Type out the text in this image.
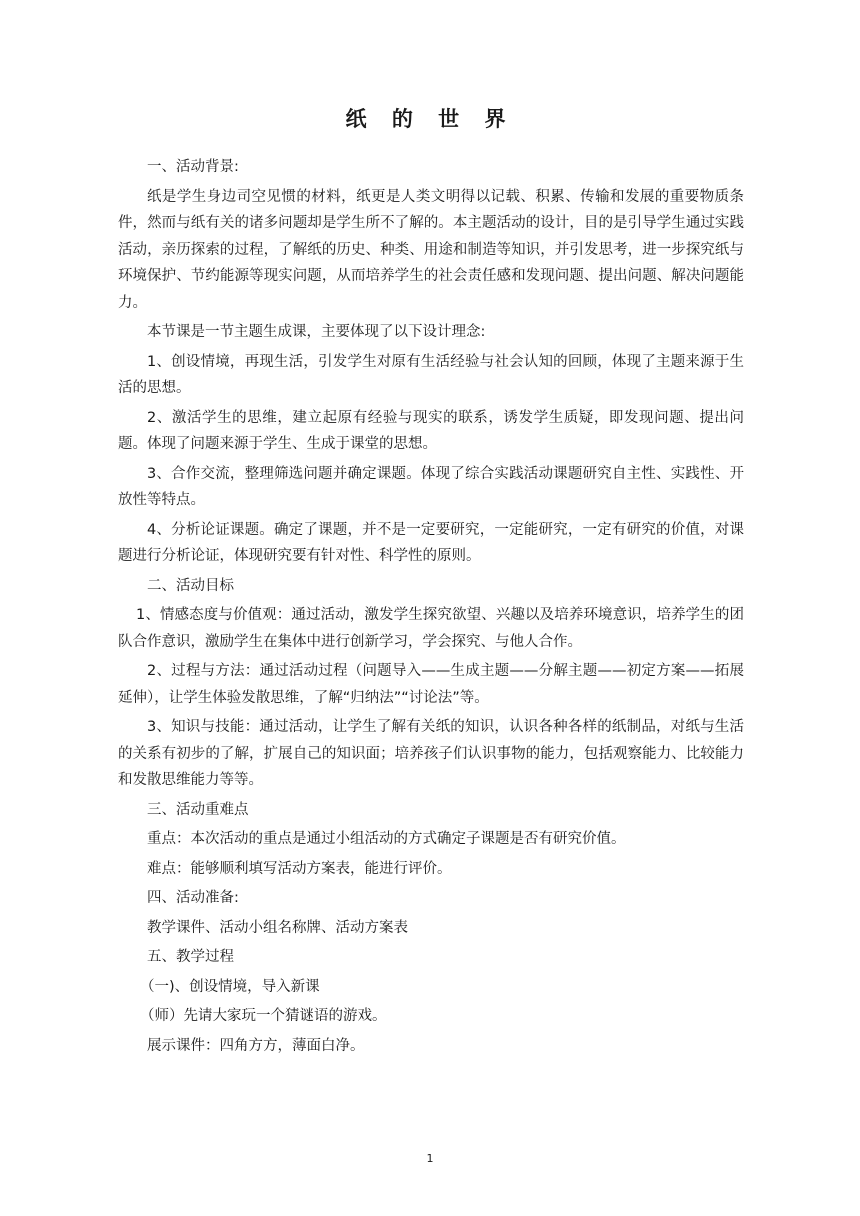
纸 的 世 界

一、活动背景:

纸是学生身边司空见惯的材料，纸更是人类文明得以记载、积累、传输和发展的重要物质条件，然而与纸有关的诸多问题却是学生所不了解的。本主题活动的设计，目的是引导学生通过实践活动，亲历探索的过程，了解纸的历史、种类、用途和制造等知识，并引发思考，进一步探究纸与环境保护、节约能源等现实问题，从而培养学生的社会责任感和发现问题、提出问题、解决问题能力。

本节课是一节主题生成课，主要体现了以下设计理念:

1、创设情境，再现生活，引发学生对原有生活经验与社会认知的回顾，体现了主题来源于生活的思想。

2、激活学生的思维，建立起原有经验与现实的联系，诱发学生质疑，即发现问题、提出问题。体现了问题来源于学生、生成于课堂的思想。

3、合作交流，整理筛选问题并确定课题。体现了综合实践活动课题研究自主性、实践性、开放性等特点。

4、分析论证课题。确定了课题，并不是一定要研究，一定能研究，一定有研究的价值，对课题进行分析论证，体现研究要有针对性、科学性的原则。

二、活动目标

1、情感态度与价值观：通过活动，激发学生探究欲望、兴趣以及培养环境意识，培养学生的团队合作意识，激励学生在集体中进行创新学习，学会探究、与他人合作。

2、过程与方法：通过活动过程（问题导入——生成主题——分解主题——初定方案——拓展延伸），让学生体验发散思维，了解“归纳法”“讨论法”等。

3、知识与技能：通过活动，让学生了解有关纸的知识，认识各种各样的纸制品，对纸与生活的关系有初步的了解，扩展自己的知识面；培养孩子们认识事物的能力，包括观察能力、比较能力和发散思维能力等等。

三、活动重难点

重点：本次活动的重点是通过小组活动的方式确定子课题是否有研究价值。

难点：能够顺利填写活动方案表，能进行评价。

四、活动准备:

教学课件、活动小组名称牌、活动方案表

五、教学过程

（一)、创设情境，导入新课

（师）先请大家玩一个猜谜语的游戏。

展示课件：四角方方，薄面白净。

1
